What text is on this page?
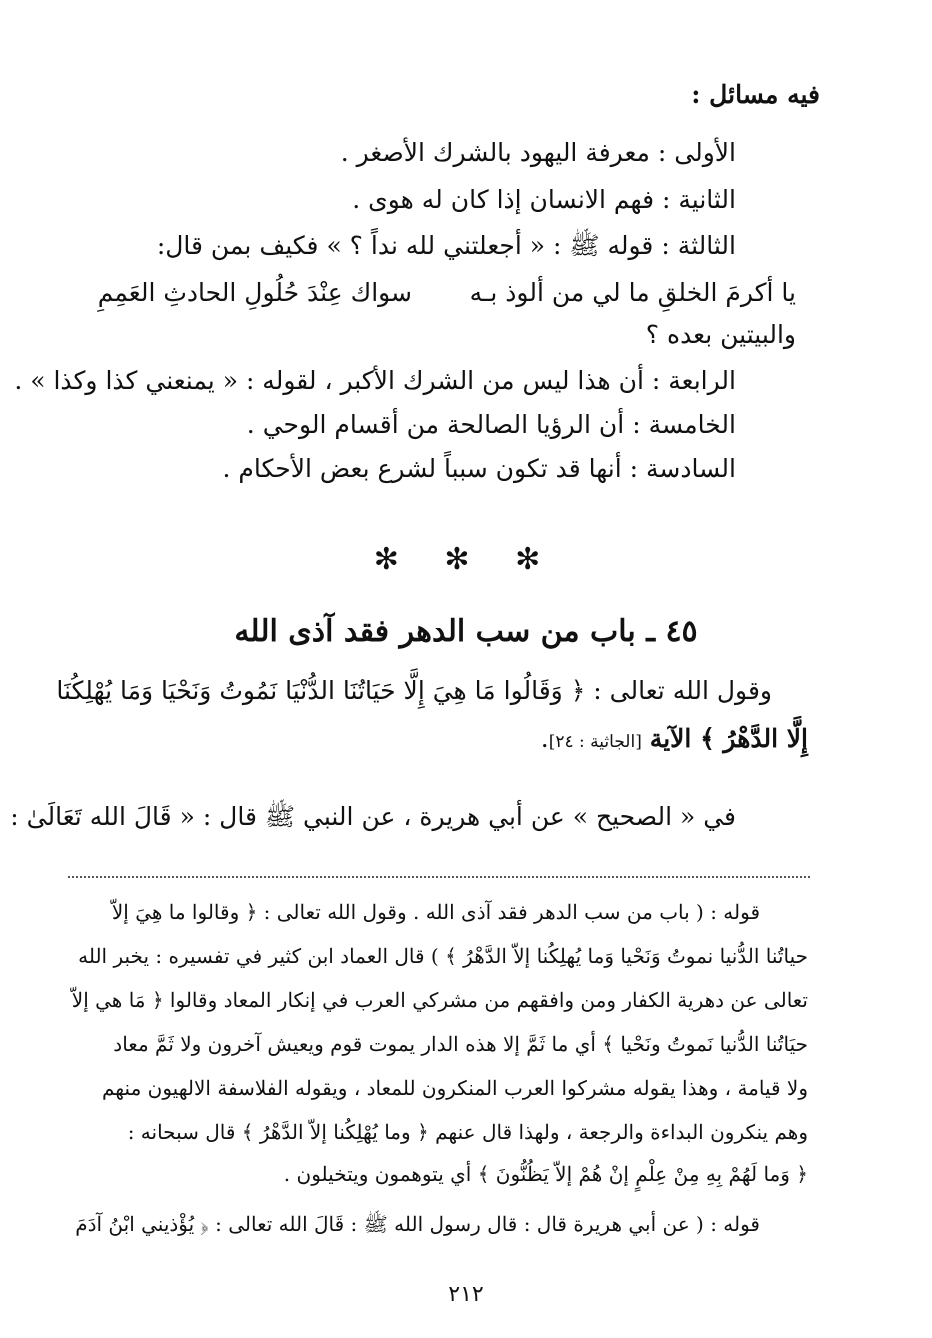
فيه مسائل :
الأولى : معرفة اليهود بالشرك الأصغر .
الثانية : فهم الانسان إذا كان له هوى .
الثالثة : قوله ﷺ : « أجعلتني لله نداً ؟ » فكيف بمن قال:
يا أكرمَ الخلقِ ما لي من ألوذ بـه
سواك عِنْدَ حُلُولِ الحادثِ العَمِمِ
والبيتين بعده ؟
الرابعة : أن هذا ليس من الشرك الأكبر ، لقوله : « يمنعني كذا وكذا » .
الخامسة : أن الرؤيا الصالحة من أقسام الوحي .
السادسة : أنها قد تكون سبباً لشرع بعض الأحكام .
✻ ✻ ✻
٤٥ ـ باب من سب الدهر فقد آذى الله
وقول الله تعالى : ﴿ وَقَالُوا مَا هِيَ إِلَّا حَيَاتُنَا الدُّنْيَا نَمُوتُ وَنَحْيَا وَمَا يُهْلِكُنَا
إِلَّا الدَّهْرُ ﴾ الآية [الجاثية : ٢٤].
في « الصحيح » عن أبي هريرة ، عن النبي ﷺ قال : « قَالَ الله تَعَالَىٰ :
قوله : ( باب من سب الدهر فقد آذى الله . وقول الله تعالى : ﴿ وقالوا ما هِيَ إلاّ
حياتُنا الدُّنيا نموتُ وَنَحْيا وَما يُهلِكُنا إلاّ الدَّهْرُ ﴾ ) قال العماد ابن كثير في تفسيره : يخبر الله
تعالى عن دهرية الكفار ومن وافقهم من مشركي العرب في إنكار المعاد وقالوا ﴿ مَا هي إلاّ
حيَاتُنا الدُّنيا نَموتُ ونَحْيا ﴾ أي ما ثَمَّ إلا هذه الدار يموت قوم ويعيش آخرون ولا ثَمَّ معاد
ولا قيامة ، وهذا يقوله مشركوا العرب المنكرون للمعاد ، ويقوله الفلاسفة الالهيون منهم
وهم ينكرون البداءة والرجعة ، ولهذا قال عنهم ﴿ وما يُهْلِكُنا إلاّ الدَّهْرُ ﴾ قال سبحانه :
﴿ وَما لَهُمْ بِهِ مِنْ عِلْمٍ إنْ هُمْ إلاّ يَظُنُّونَ ﴾ أي يتوهمون ويتخيلون .
قوله : ( عن أبي هريرة قال : قال رسول الله ﷺ : قَالَ الله تعالى : ﴿ يُؤْذيني ابْنُ آدَمَ
٢١٢
